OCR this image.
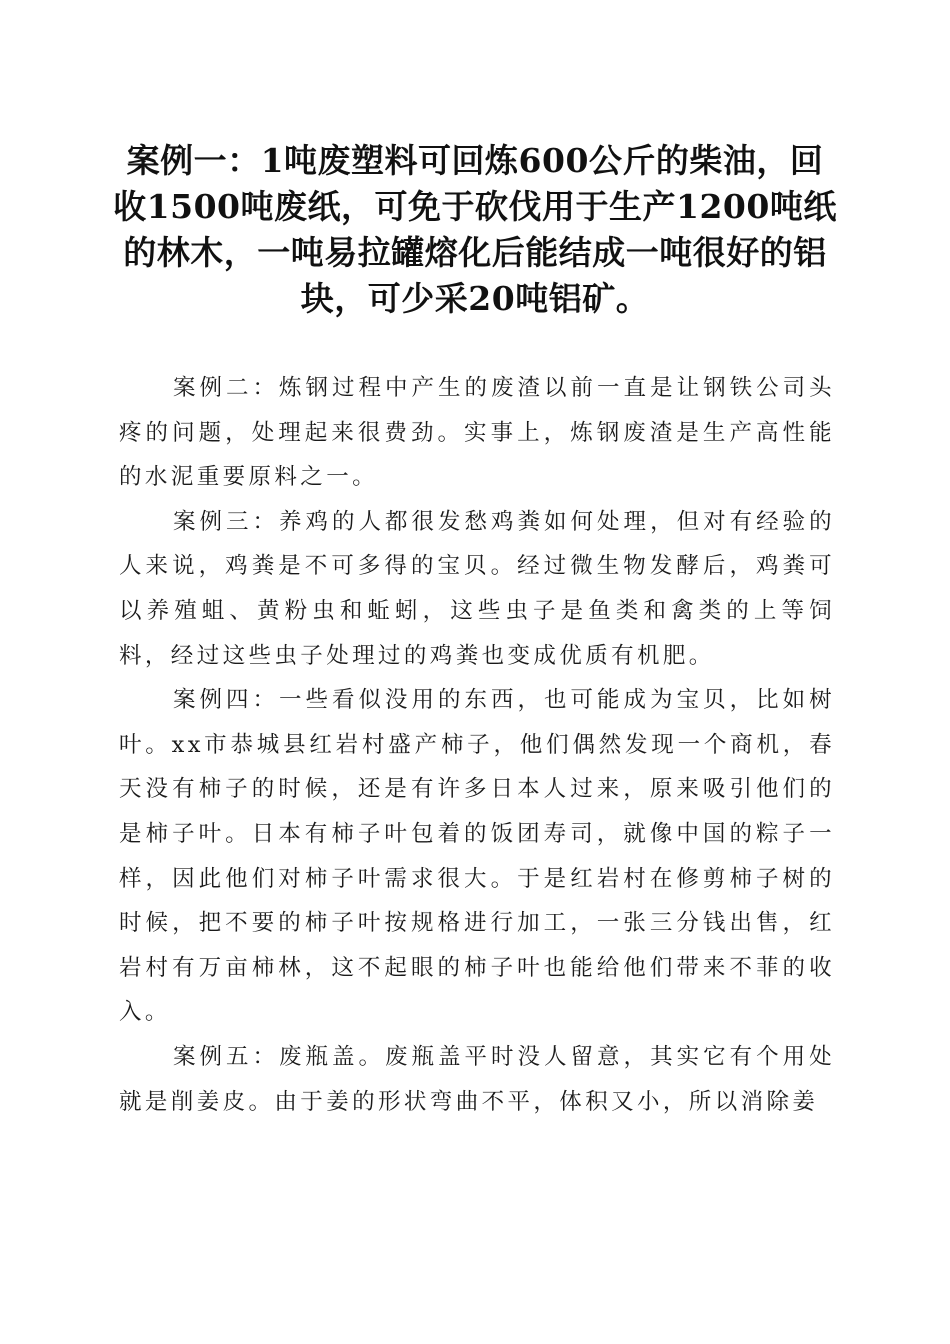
案例一：1吨废塑料可回炼600公斤的柴油，回收1500吨废纸，可免于砍伐用于生产1200吨纸的林木，一吨易拉罐熔化后能结成一吨很好的铝块，可少采20吨铝矿。

案例二：炼钢过程中产生的废渣以前一直是让钢铁公司头疼的问题，处理起来很费劲。实事上，炼钢废渣是生产高性能的水泥重要原料之一。

案例三：养鸡的人都很发愁鸡粪如何处理，但对有经验的人来说，鸡粪是不可多得的宝贝。经过微生物发酵后，鸡粪可以养殖蛆、黄粉虫和蚯蚓，这些虫子是鱼类和禽类的上等饲料，经过这些虫子处理过的鸡粪也变成优质有机肥。

案例四：一些看似没用的东西，也可能成为宝贝，比如树叶。xx市恭城县红岩村盛产柿子，他们偶然发现一个商机，春天没有柿子的时候，还是有许多日本人过来，原来吸引他们的是柿子叶。日本有柿子叶包着的饭团寿司，就像中国的粽子一样，因此他们对柿子叶需求很大。于是红岩村在修剪柿子树的时候，把不要的柿子叶按规格进行加工，一张三分钱出售，红岩村有万亩柿林，这不起眼的柿子叶也能给他们带来不菲的收入。

案例五：废瓶盖。废瓶盖平时没人留意，其实它有个用处就是削姜皮。由于姜的形状弯曲不平，体积又小，所以消除姜
